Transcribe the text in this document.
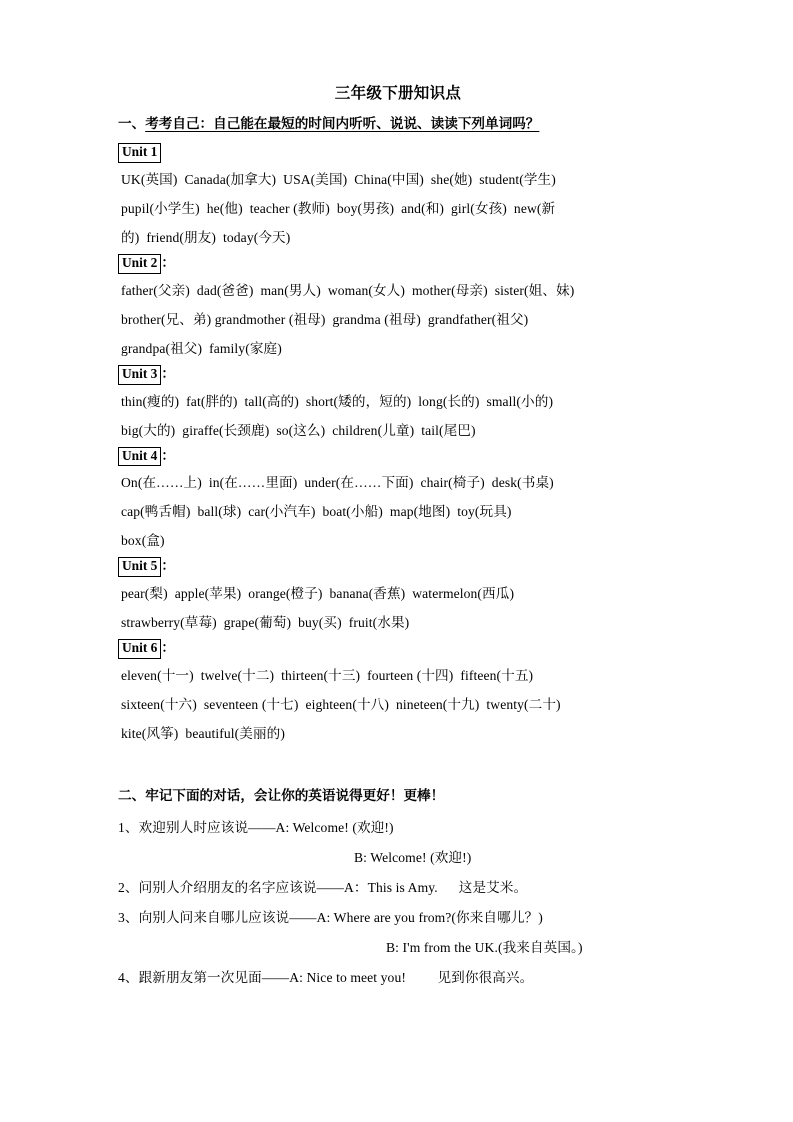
三年级下册知识点
一、考考自己：自己能在最短的时间内听听、说说、读读下列单词吗？
Unit 1
UK(英国)  Canada(加拿大)  USA(美国)  China(中国)  she(她)  student(学生)
pupil(小学生)  he(他)  teacher (教师)  boy(男孩)  and(和)  girl(女孩)  new(新
的)  friend(朋友)  today(今天)
Unit 2 ：
father(父亲)  dad(爸爸)  man(男人)  woman(女人)  mother(母亲)  sister(姐、妹)
brother(兄、弟) grandmother (祖母)  grandma (祖母)  grandfather(祖父)
grandpa(祖父)  family(家庭)
Unit 3 ：
thin(瘦的)  fat(胖的)  tall(高的)  short(矮的，短的)  long(长的)  small(小的)
big(大的)  giraffe(长颈鹿)  so(这么)  children(儿童)  tail(尾巴)
Unit 4 ：
On(在……上)  in(在……里面)  under(在……下面)  chair(椅子)  desk(书桌)
cap(鸭舌帽)  ball(球)  car(小汽车)  boat(小船)  map(地图)  toy(玩具)
box(盒)
Unit 5 ：
pear(梨)  apple(苹果)  orange(橙子)  banana(香蕉)  watermelon(西瓜)
strawberry(草莓)  grape(葡萄)  buy(买)  fruit(水果)
Unit 6 ：
eleven(十一)  twelve(十二)  thirteen(十三)  fourteen (十四)  fifteen(十五)
sixteen(十六)  seventeen (十七)  eighteen(十八)  nineteen(十九)  twenty(二十)
kite(风筝)  beautiful(美丽的)
二、牢记下面的对话，会让你的英语说得更好！更棒！
1、欢迎别人时应该说——A: Welcome! (欢迎!)
B: Welcome! (欢迎!)
2、问别人介绍朋友的名字应该说——A：This is Amy.      这是艾米。
3、向别人问来自哪儿应该说——A: Where are you from?(你来自哪儿？)
B: I'm from the UK.(我来自英国。)
4、跟新朋友第一次见面——A: Nice to meet you!         见到你很高兴。
